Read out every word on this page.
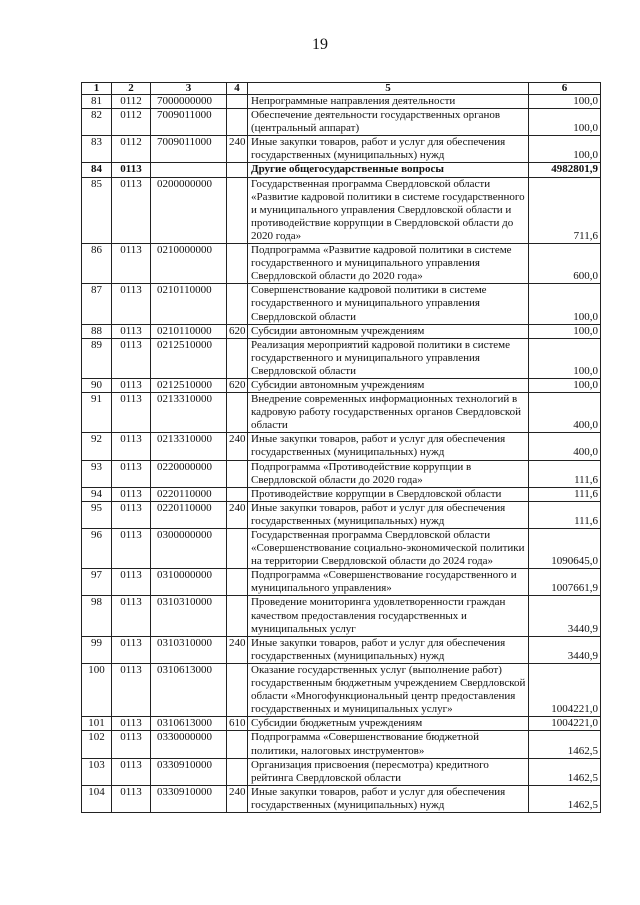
19
1	2	3	4	5	6
81	0112	7000000000		Непрограммные направления деятельности	100,0
82	0112	7009011000		Обеспечение деятельности государственных органов (центральный аппарат)	100,0
83	0112	7009011000	240	Иные закупки товаров, работ и услуг для обеспечения государственных (муниципальных) нужд	100,0
84	0113			Другие общегосударственные вопросы	4982801,9
85	0113	0200000000		Государственная программа Свердловской области «Развитие кадровой политики в системе государственного и муниципального управления Свердловской области и противодействие коррупции в Свердловской области до 2020 года»	711,6
86	0113	0210000000		Подпрограмма «Развитие кадровой политики в системе государственного и муниципального управления Свердловской области до 2020 года»	600,0
87	0113	0210110000		Совершенствование кадровой политики в системе государственного и муниципального управления Свердловской области	100,0
88	0113	0210110000	620	Субсидии автономным учреждениям	100,0
89	0113	0212510000		Реализация мероприятий кадровой политики в системе государственного и муниципального управления Свердловской области	100,0
90	0113	0212510000	620	Субсидии автономным учреждениям	100,0
91	0113	0213310000		Внедрение современных информационных технологий в кадровую работу государственных органов Свердловской области	400,0
92	0113	0213310000	240	Иные закупки товаров, работ и услуг для обеспечения государственных (муниципальных) нужд	400,0
93	0113	0220000000		Подпрограмма «Противодействие коррупции в Свердловской области до 2020 года»	111,6
94	0113	0220110000		Противодействие коррупции в Свердловской области	111,6
95	0113	0220110000	240	Иные закупки товаров, работ и услуг для обеспечения государственных (муниципальных) нужд	111,6
96	0113	0300000000		Государственная программа Свердловской области «Совершенствование социально-экономической политики на территории Свердловской области до 2024 года»	1090645,0
97	0113	0310000000		Подпрограмма «Совершенствование государственного и муниципального управления»	1007661,9
98	0113	0310310000		Проведение мониторинга удовлетворенности граждан качеством предоставления государственных и муниципальных услуг	3440,9
99	0113	0310310000	240	Иные закупки товаров, работ и услуг для обеспечения государственных (муниципальных) нужд	3440,9
100	0113	0310613000		Оказание государственных услуг (выполнение работ) государственным бюджетным учреждением Свердловской области «Многофункциональный центр предоставления государственных и муниципальных услуг»	1004221,0
101	0113	0310613000	610	Субсидии бюджетным учреждениям	1004221,0
102	0113	0330000000		Подпрограмма «Совершенствование бюджетной политики, налоговых инструментов»	1462,5
103	0113	0330910000		Организация присвоения (пересмотра) кредитного рейтинга Свердловской области	1462,5
104	0113	0330910000	240	Иные закупки товаров, работ и услуг для обеспечения государственных (муниципальных) нужд	1462,5
